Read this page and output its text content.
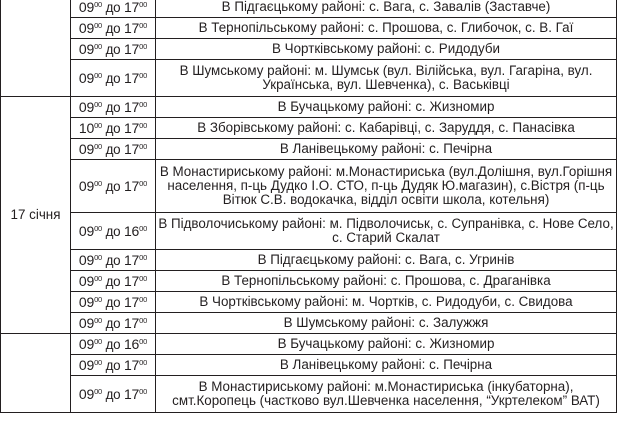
	$09^{00}$ до $17^{00}$	В Підгаєцькому районі: с. Вага, с. Завалів (Заставче)
	$09^{00}$ до $17^{00}$	В Тернопільському районі: с. Прошова, с. Глибочок, с. В. Гаї
	$09^{00}$ до $17^{00}$	В Чортківському районі: с. Ридодуби
	$09^{00}$ до $17^{00}$	В Шумському районі: м. Шумськ (вул. Вілійська, вул. Гагаріна, вул. Українська, вул. Шевченка), с. Васьківці
17 січня	$09^{00}$ до $17^{00}$	В Бучацькому районі: с. Жизномир
	$10^{00}$ до $17^{00}$	В Зборівському районі: с. Кабарівці, с. Заруддя, с. Панасівка
	$09^{00}$ до $17^{00}$	В Ланівецькому районі: с. Печірна
	$09^{00}$ до $17^{00}$	В Монастириському районі: м.Монастириська (вул.Долішня, вул.Горішня населення, п-ць Дудко І.О. СТО, п-ць Дудяк Ю.магазин), с.Вістря (п-ць Вітюк С.В. водокачка, відділ освіти школа, котельня)
	$09^{00}$ до $16^{00}$	В Підволочиському районі: м. Підволочиськ, с. Супранівка, с. Нове Село, с. Старий Скалат
	$09^{00}$ до $17^{00}$	В Підгаєцькому районі: с. Вага, с. Угринів
	$09^{00}$ до $17^{00}$	В Тернопільському районі: с. Прошова, с. Драганівка
	$09^{00}$ до $17^{00}$	В Чортківському районі: м. Чортків, с. Ридодуби, с. Свидова
	$09^{00}$ до $17^{00}$	В Шумському районі: с. Залужжя
	$09^{00}$ до $16^{00}$	В Бучацькому районі: с. Жизномир
	$09^{00}$ до $17^{00}$	В Ланівецькому районі: с. Печірна
	$09^{00}$ до $17^{00}$	В Монастириському районі: м.Монастириська (інкубаторна), смт.Коропець (частково вул.Шевченка населення, “Укртелеком” ВАТ)
